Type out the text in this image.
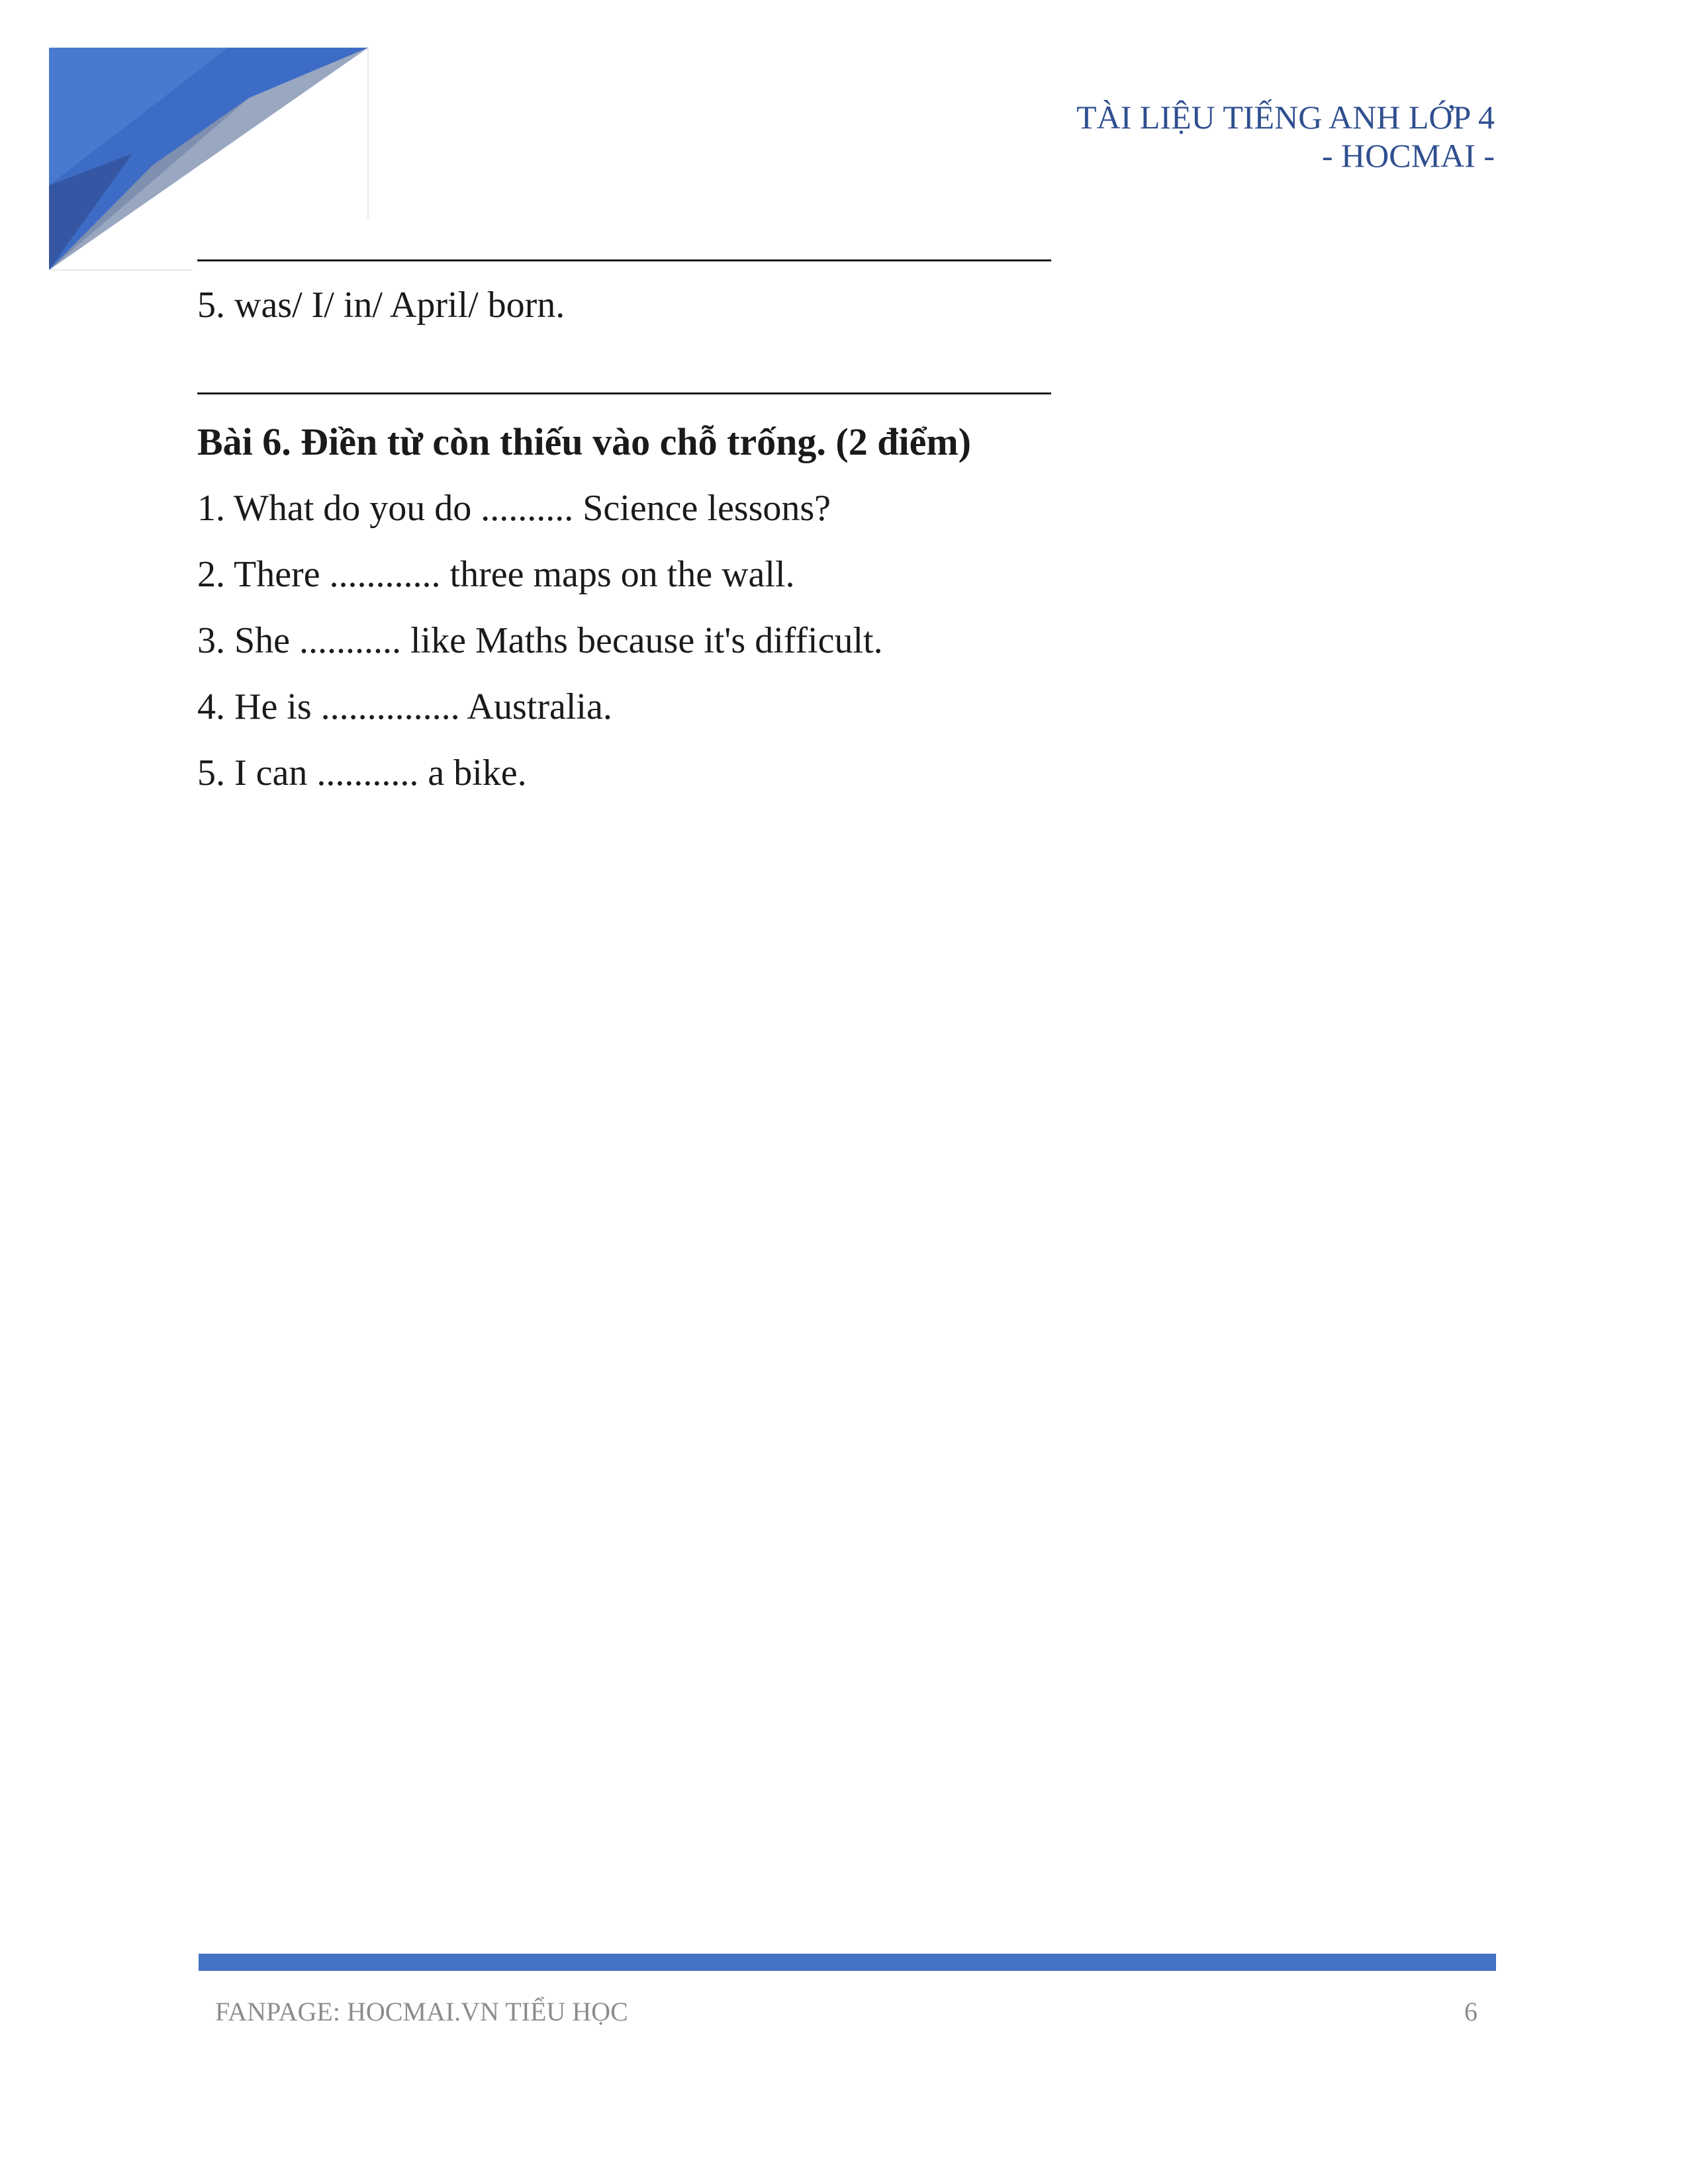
TÀI LIỆU TIẾNG ANH LỚP 4
- HOCMAI -
5. was/ I/ in/ April/ born.
Bài 6. Điền từ còn thiếu vào chỗ trống. (2 điểm)
1. What do you do .......... Science lessons?
2. There ............ three maps on the wall.
3. She ........... like Maths because it's difficult.
4. He is ............... Australia.
5. I can ........... a bike.
FANPAGE: HOCMAI.VN TIỂU HỌC	6
